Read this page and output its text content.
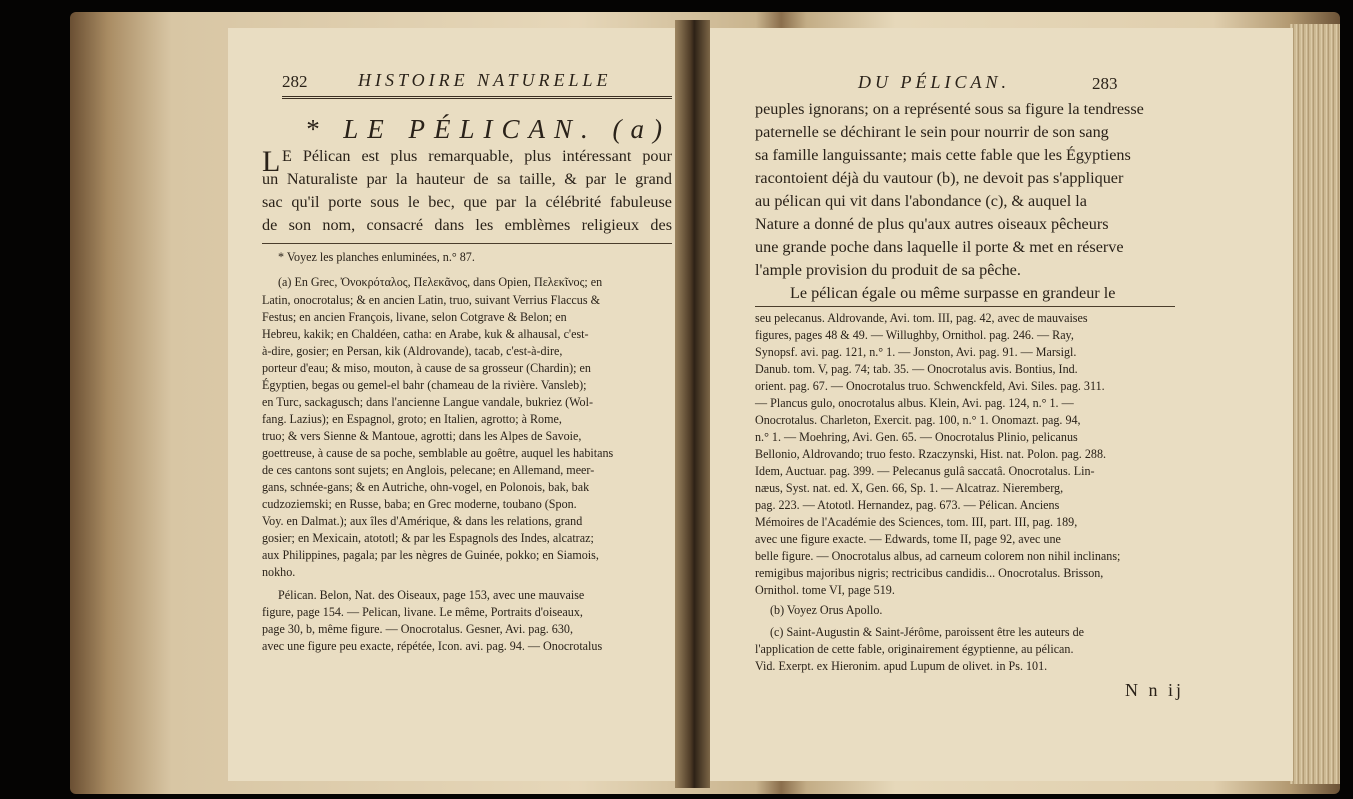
282	HISTOIRE NATURELLE
* LE PÉLICAN. (a)
L E Pélican est plus remarquable, plus intéressant pour
un Naturaliste par la hauteur de sa taille, & par le grand
sac qu'il porte sous le bec, que par la célébrité fabuleuse
de son nom, consacré dans les emblèmes religieux des
* Voyez les planches enluminées, n.° 87.
(a) En Grec, Ὀνοκρόταλος, Πελεκᾶνος, dans Opien, Πελεκῖνος; en
Latin, onocrotalus; & en ancien Latin, truo, suivant Verrius Flaccus &
Festus; en ancien François, livane, selon Cotgrave & Belon; en
Hebreu, kakik; en Chaldéen, catha: en Arabe, kuk & alhausal, c'est-
à-dire, gosier; en Persan, kik (Aldrovande), tacab, c'est-à-dire,
porteur d'eau; & miso, mouton, à cause de sa grosseur (Chardin); en
Égyptien, begas ou gemel-el bahr (chameau de la rivière. Vansleb);
en Turc, sackagusch; dans l'ancienne Langue vandale, bukriez (Wol-
fang. Lazius); en Espagnol, groto; en Italien, agrotto; à Rome,
truo; & vers Sienne & Mantoue, agrotti; dans les Alpes de Savoie,
goettreuse, à cause de sa poche, semblable au goêtre, auquel les habitans
de ces cantons sont sujets; en Anglois, pelecane; en Allemand, meer-
gans, schnée-gans; & en Autriche, ohn-vogel, en Polonois, bak, bak
cudzoziemski; en Russe, baba; en Grec moderne, toubano (Spon.
Voy. en Dalmat.); aux îles d'Amérique, & dans les relations, grand
gosier; en Mexicain, atototl; & par les Espagnols des Indes, alcatraz;
aux Philippines, pagala; par les nègres de Guinée, pokko; en Siamois,
nokho.
Pélican. Belon, Nat. des Oiseaux, page 153, avec une mauvaise
figure, page 154. — Pelican, livane. Le même, Portraits d'oiseaux,
page 30, b, même figure. — Onocrotalus. Gesner, Avi. pag. 630,
avec une figure peu exacte, répétée, Icon. avi. pag. 94. — Onocrotalus
DU PÉLICAN.	283
peuples ignorans; on a représenté sous sa figure la tendresse
paternelle se déchirant le sein pour nourrir de son sang
sa famille languissante; mais cette fable que les Égyptiens
racontoient déjà du vautour (b), ne devoit pas s'appliquer
au pélican qui vit dans l'abondance (c), & auquel la
Nature a donné de plus qu'aux autres oiseaux pêcheurs
une grande poche dans laquelle il porte & met en réserve
l'ample provision du produit de sa pêche.
Le pélican égale ou même surpasse en grandeur le
seu pelecanus. Aldrovande, Avi. tom. III, pag. 42, avec de mauvaises
figures, pages 48 & 49. — Willughby, Ornithol. pag. 246. — Ray,
Synopsf. avi. pag. 121, n.° 1. — Jonston, Avi. pag. 91. — Marsigl.
Danub. tom. V, pag. 74; tab. 35. — Onocrotalus avis. Bontius, Ind.
orient. pag. 67. — Onocrotalus truo. Schwenckfeld, Avi. Siles. pag. 311.
— Plancus gulo, onocrotalus albus. Klein, Avi. pag. 124, n.° 1. —
Onocrotalus. Charleton, Exercit. pag. 100, n.° 1. Onomazt. pag. 94,
n.° 1. — Moehring, Avi. Gen. 65. — Onocrotalus Plinio, pelicanus
Bellonio, Aldrovando; truo festo. Rzaczynski, Hist. nat. Polon. pag. 288.
Idem, Auctuar. pag. 399. — Pelecanus gulâ saccatâ. Onocrotalus. Lin-
næus, Syst. nat. ed. X, Gen. 66, Sp. 1. — Alcatraz. Nieremberg,
pag. 223. — Atototl. Hernandez, pag. 673. — Pélican. Anciens
Mémoires de l'Académie des Sciences, tom. III, part. III, pag. 189,
avec une figure exacte. — Edwards, tome II, page 92, avec une
belle figure. — Onocrotalus albus, ad carneum colorem non nihil inclinans;
remigibus majoribus nigris; rectricibus candidis... Onocrotalus. Brisson,
Ornithol. tome VI, page 519.
(b) Voyez Orus Apollo.
(c) Saint-Augustin & Saint-Jérôme, paroissent être les auteurs de
l'application de cette fable, originairement égyptienne, au pélican.
Vid. Exerpt. ex Hieronim. apud Lupum de olivet. in Ps. 101.
N n ij
